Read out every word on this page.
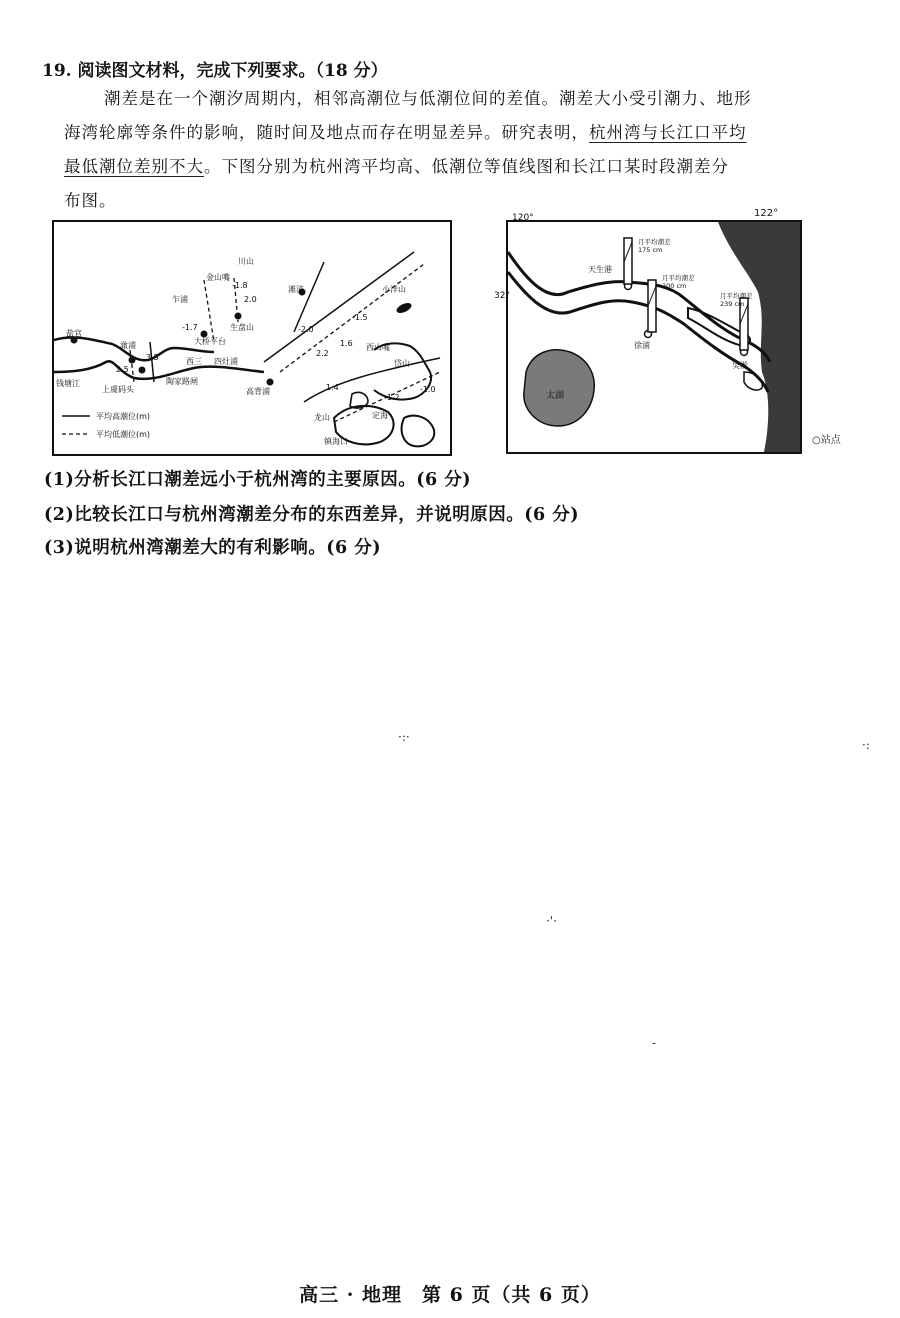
19. 阅读图文材料，完成下列要求。（18 分）
潮差是在一个潮汐周期内，相邻高潮位与低潮位间的差值。潮差大小受引潮力、地形
海湾轮廓等条件的影响，随时间及地点而存在明显差异。研究表明，杭州湾与长江口平均
最低潮位差别不大。下图分别为杭州湾平均高、低潮位等值线图和长江口某时段潮差分
布图。
川山
金山嘴
乍浦
滩浒	小洋山
盐官
澉浦	大桥平台
生盘山
西三 四灶浦
高背浦
钱塘江
上虞码头
陶家路闸
西山嘴
岱山
龙山
镇海口
定海
1.4
1.6
2.0
-1.5
-1.0
-1.2
2.5
3.5
-1.7
-1.8
-2.0
2.2
平均高潮位(m)
平均低潮位(m)
太湖
120°
32°
天生港
徐浦
吴淞
月平均潮差
175 cm
月平均潮差
200 cm
月平均潮差
239 cm
122°
○站点
(1)分析长江口潮差远小于杭州湾的主要原因。(6 分)
(2)比较长江口与杭州湾潮差分布的东西差异，并说明原因。(6 分)
(3)说明杭州湾潮差大的有利影响。(6 分)
·:·
·:
·'·
-
高三 · 地理　第 6 页（共 6 页）
